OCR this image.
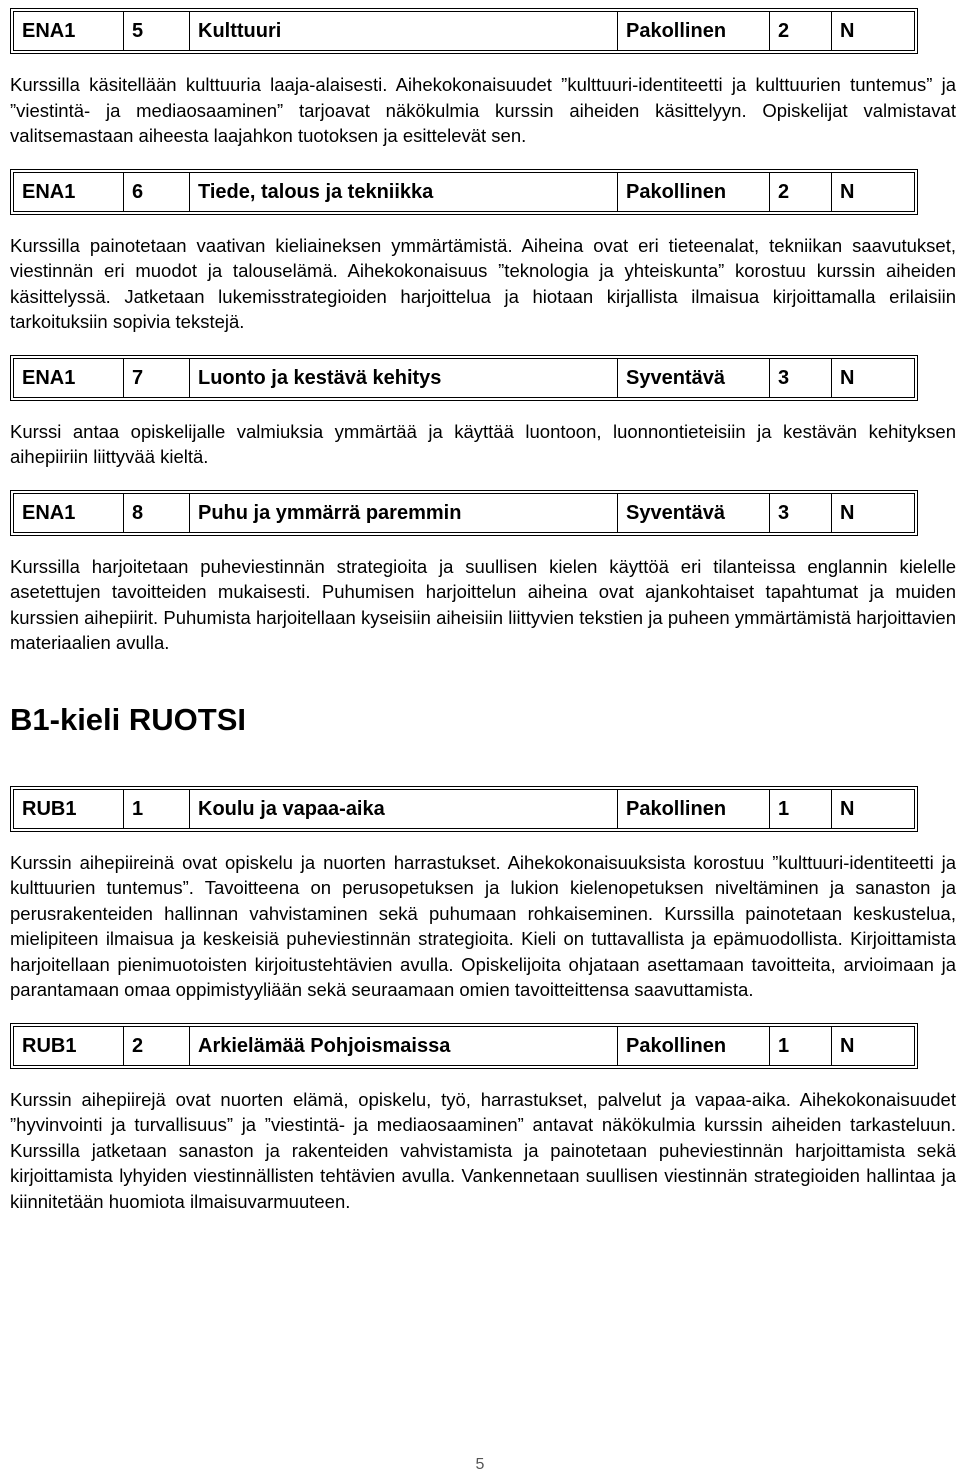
ENA1	5	Kulttuuri	Pakollinen	2	N

Kurssilla käsitellään kulttuuria laaja-alaisesti. Aihekokonaisuudet ”kulttuuri-identiteetti ja kulttuurien tuntemus” ja ”viestintä- ja mediaosaaminen” tarjoavat näkökulmia kurssin aiheiden käsittelyyn. Opiskelijat valmistavat valitsemastaan aiheesta laajahkon tuotoksen ja esittelevät sen.

ENA1	6	Tiede, talous ja tekniikka	Pakollinen	2	N

Kurssilla painotetaan vaativan kieliaineksen ymmärtämistä. Aiheina ovat eri tieteenalat, tekniikan saavutukset, viestinnän eri muodot ja talouselämä. Aihekokonaisuus ”teknologia ja yhteiskunta” korostuu kurssin aiheiden käsittelyssä. Jatketaan lukemisstrategioiden harjoittelua ja hiotaan kirjallista ilmaisua kirjoittamalla erilaisiin tarkoituksiin sopivia tekstejä.

ENA1	7	Luonto ja kestävä kehitys	Syventävä	3	N

Kurssi antaa opiskelijalle valmiuksia ymmärtää ja käyttää luontoon, luonnontieteisiin ja kestävän kehityksen aihepiiriin liittyvää kieltä.

ENA1	8	Puhu ja ymmärrä paremmin	Syventävä	3	N

Kurssilla harjoitetaan puheviestinnän strategioita ja suullisen kielen käyttöä eri tilanteissa englannin kielelle asetettujen tavoitteiden mukaisesti. Puhumisen harjoittelun aiheina ovat ajankohtaiset tapahtumat ja muiden kurssien aihepiirit. Puhumista harjoitellaan kyseisiin aiheisiin liittyvien tekstien ja puheen ymmärtämistä harjoittavien materiaalien avulla.

B1-kieli RUOTSI
RUB1	1	Koulu ja vapaa-aika	Pakollinen	1	N

Kurssin aihepiireinä ovat opiskelu ja nuorten harrastukset. Aihekokonaisuuksista korostuu ”kulttuuri-identiteetti ja kulttuurien tuntemus”. Tavoitteena on perusopetuksen ja lukion kielenopetuksen niveltäminen ja sanaston ja perusrakenteiden hallinnan vahvistaminen sekä puhumaan rohkaiseminen. Kurssilla painotetaan keskustelua, mielipiteen ilmaisua ja keskeisiä puheviestinnän strategioita. Kieli on tuttavallista ja epämuodollista. Kirjoittamista harjoitellaan pienimuotoisten kirjoitustehtävien avulla. Opiskelijoita ohjataan asettamaan tavoitteita, arvioimaan ja parantamaan omaa oppimistyyliään sekä seuraamaan omien tavoitteittensa saavuttamista.

RUB1	2	Arkielämää Pohjoismaissa	Pakollinen	1	N

Kurssin aihepiirejä ovat nuorten elämä, opiskelu, työ, harrastukset, palvelut ja vapaa-aika. Aihekokonaisuudet ”hyvinvointi ja turvallisuus” ja ”viestintä- ja mediaosaaminen” antavat näkökulmia kurssin aiheiden tarkasteluun. Kurssilla jatketaan sanaston ja rakenteiden vahvistamista ja painotetaan puheviestinnän harjoittamista sekä kirjoittamista lyhyiden viestinnällisten tehtävien avulla. Vankennetaan suullisen viestinnän strategioiden hallintaa ja kiinnitetään huomiota ilmaisuvarmuuteen.

5
